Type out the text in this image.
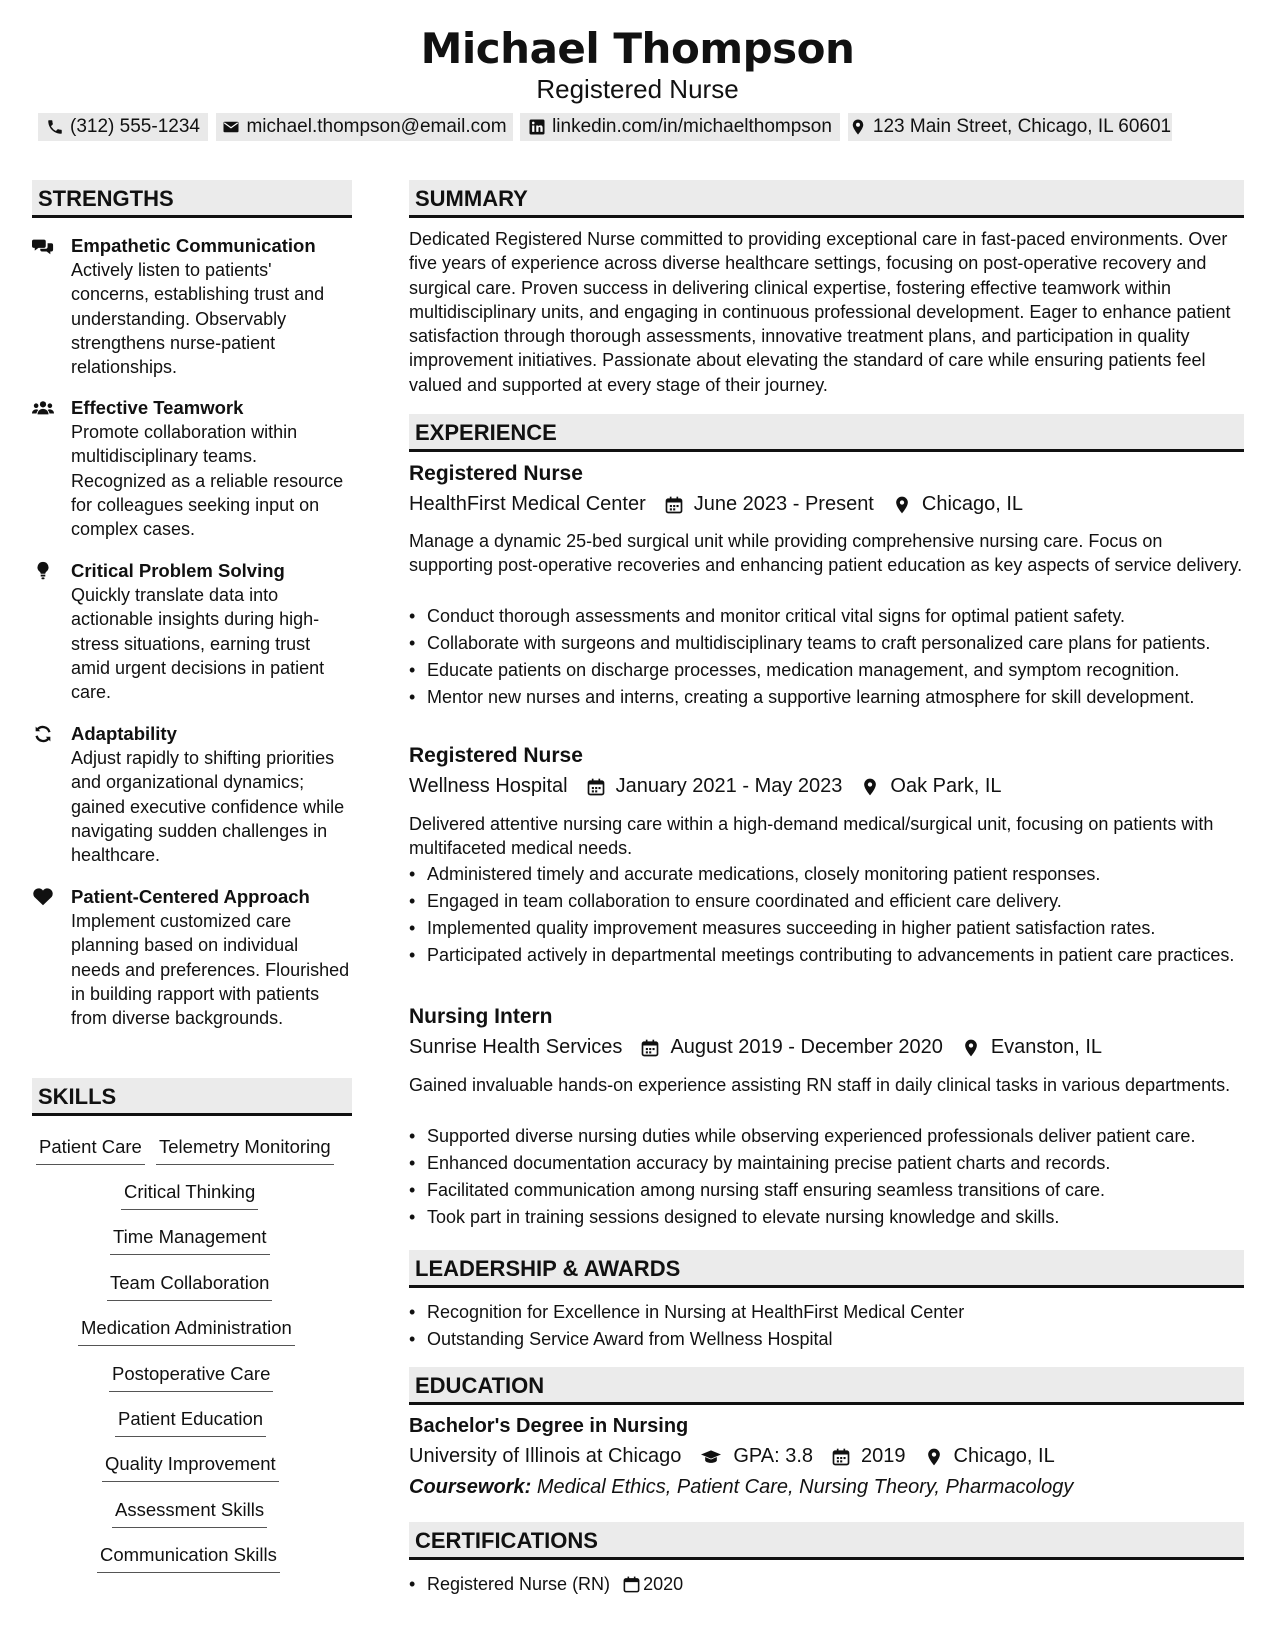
Michael Thompson
Registered Nurse
(312) 555-1234 michael.thompson@email.com linkedin.com/in/michaelthompson 123 Main Street, Chicago, IL 60601
STRENGTHS
Empathetic Communication
Actively listen to patients' concerns, establishing trust and understanding. Observably strengthens nurse-patient relationships.
Effective Teamwork
Promote collaboration within multidisciplinary teams. Recognized as a reliable resource for colleagues seeking input on complex cases.
Critical Problem Solving
Quickly translate data into actionable insights during high-stress situations, earning trust amid urgent decisions in patient care.
Adaptability
Adjust rapidly to shifting priorities and organizational dynamics; gained executive confidence while navigating sudden challenges in healthcare.
Patient-Centered Approach
Implement customized care planning based on individual needs and preferences. Flourished in building rapport with patients from diverse backgrounds.
SKILLS
Patient Care Telemetry Monitoring
Critical Thinking
Time Management
Team Collaboration
Medication Administration
Postoperative Care
Patient Education
Quality Improvement
Assessment Skills
Communication Skills
SUMMARY
Dedicated Registered Nurse committed to providing exceptional care in fast-paced environments. Over five years of experience across diverse healthcare settings, focusing on post-operative recovery and surgical care. Proven success in delivering clinical expertise, fostering effective teamwork within multidisciplinary units, and engaging in continuous professional development. Eager to enhance patient satisfaction through thorough assessments, innovative treatment plans, and participation in quality improvement initiatives. Passionate about elevating the standard of care while ensuring patients feel valued and supported at every stage of their journey.
EXPERIENCE
Registered Nurse
HealthFirst Medical Center June 2023 - Present Chicago, IL
Manage a dynamic 25-bed surgical unit while providing comprehensive nursing care. Focus on supporting post-operative recoveries and enhancing patient education as key aspects of service delivery.
• Conduct thorough assessments and monitor critical vital signs for optimal patient safety.
• Collaborate with surgeons and multidisciplinary teams to craft personalized care plans for patients.
• Educate patients on discharge processes, medication management, and symptom recognition.
• Mentor new nurses and interns, creating a supportive learning atmosphere for skill development.
Registered Nurse
Wellness Hospital January 2021 - May 2023 Oak Park, IL
Delivered attentive nursing care within a high-demand medical/surgical unit, focusing on patients with multifaceted medical needs.
• Administered timely and accurate medications, closely monitoring patient responses.
• Engaged in team collaboration to ensure coordinated and efficient care delivery.
• Implemented quality improvement measures succeeding in higher patient satisfaction rates.
• Participated actively in departmental meetings contributing to advancements in patient care practices.
Nursing Intern
Sunrise Health Services August 2019 - December 2020 Evanston, IL
Gained invaluable hands-on experience assisting RN staff in daily clinical tasks in various departments.
• Supported diverse nursing duties while observing experienced professionals deliver patient care.
• Enhanced documentation accuracy by maintaining precise patient charts and records.
• Facilitated communication among nursing staff ensuring seamless transitions of care.
• Took part in training sessions designed to elevate nursing knowledge and skills.
LEADERSHIP & AWARDS
• Recognition for Excellence in Nursing at HealthFirst Medical Center
• Outstanding Service Award from Wellness Hospital
EDUCATION
Bachelor's Degree in Nursing
University of Illinois at Chicago	GPA: 3.8 2019 Chicago, IL
Coursework: Medical Ethics, Patient Care, Nursing Theory, Pharmacology
CERTIFICATIONS
• Registered Nurse (RN) 2020
